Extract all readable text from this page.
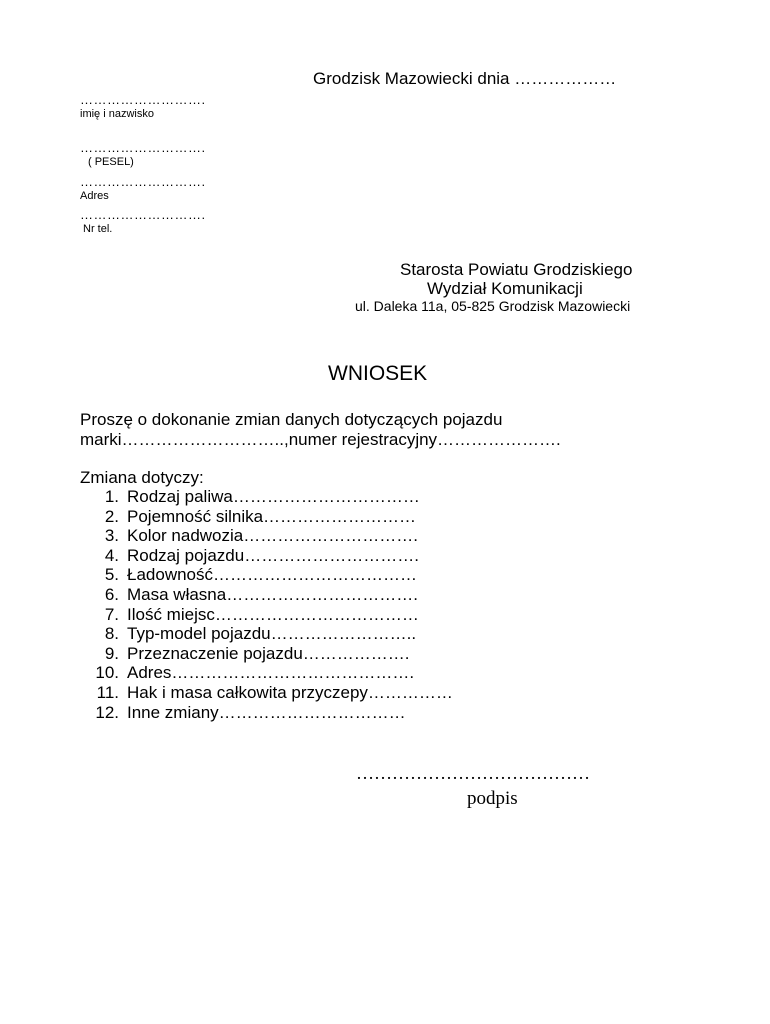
Grodzisk Mazowiecki dnia ………………
……………………….
imię i nazwisko
……………………….
( PESEL)
……………………….
Adres
……………………….
Nr tel.
Starosta Powiatu Grodziskiego
Wydział Komunikacji
ul. Daleka 11a, 05-825 Grodzisk Mazowiecki
WNIOSEK
Proszę o dokonanie zmian danych dotyczących pojazdu
marki………………………..,numer rejestracyjny………………….
Zmiana dotyczy:
1. Rodzaj paliwa……………………………
2. Pojemność silnika………………………
3. Kolor nadwozia………………………….
4. Rodzaj pojazdu………………………….
5. Ładowność………………………………
6. Masa własna…………………………….
7. Ilość miejsc………………………………
8. Typ-model pojazdu……………………..
9. Przeznaczenie pojazdu……………….
10. Adres…………………………………….
11. Hak i masa całkowita przyczepy……………
12. Inne zmiany……………………………
…………………………………
podpis
